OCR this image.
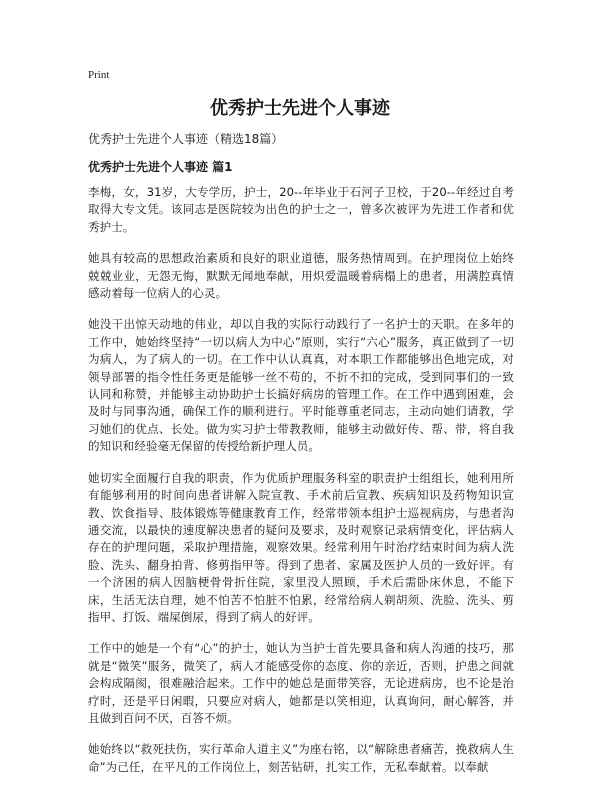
Print
优秀护士先进个人事迹
优秀护士先进个人事迹（精选18篇）
优秀护士先进个人事迹 篇1

李梅，女，31岁，大专学历，护士，20--年毕业于石河子卫校，于20--年经过自考取得大专文凭。该同志是医院较为出色的护士之一，曾多次被评为先进工作者和优秀护士。

她具有较高的思想政治素质和良好的职业道德，服务热情周到。在护理岗位上始终兢兢业业，无怨无悔，默默无闻地奉献，用炽爱温暖着病榻上的患者，用满腔真情感动着每一位病人的心灵。

她没干出惊天动地的伟业，却以自我的实际行动践行了一名护士的天职。在多年的工作中，她始终坚持“一切以病人为中心”原则，实行“六心”服务，真正做到了一切为病人，为了病人的一切。在工作中认认真真，对本职工作都能够出色地完成，对领导部署的指令性任务更是能够一丝不苟的，不折不扣的完成，受到同事们的一致认同和称赞，并能够主动协助护士长搞好病房的管理工作。在工作中遇到困难，会及时与同事沟通，确保工作的顺利进行。平时能尊重老同志，主动向她们请教，学习她们的优点、长处。做为实习护士带教教师，能够主动做好传、帮、带，将自我的知识和经验毫无保留的传授给新护理人员。

她切实全面履行自我的职责，作为优质护理服务科室的职责护士组组长，她利用所有能够利用的时间向患者讲解入院宣教、手术前后宣教、疾病知识及药物知识宣教、饮食指导、肢体锻炼等健康教育工作，经常带领本组护士巡视病房，与患者沟通交流，以最快的速度解决患者的疑问及要求，及时观察记录病情变化，评估病人存在的护理问题，采取护理措施，观察效果。经常利用午时治疗结束时间为病人洗脸、洗头、翻身拍背、修剪指甲等。得到了患者、家属及医护人员的一致好评。有一个济困的病人因脑梗骨骨折住院，家里没人照顾，手术后需卧床休息，不能下床，生活无法自理，她不怕苦不怕脏不怕累，经常给病人剃胡须、洗脸、洗头、剪指甲、打饭、端屎倒尿，得到了病人的好评。

工作中的她是一个有“心”的护士，她认为当护士首先要具备和病人沟通的技巧，那就是“微笑”服务，微笑了，病人才能感受你的态度、你的亲近，否则，护患之间就会构成隔阂，很难融洽起来。工作中的她总是面带笑容，无论进病房，也不论是治疗时，还是平日闲暇，只要应对病人，她都是以笑相迎，认真询问，耐心解答，并且做到百问不厌，百答不烦。

她始终以“救死扶伤，实行革命人道主义”为座右铭，以“解除患者痛苦，挽救病人生命”为己任，在平凡的工作岗位上，刻苦钻研，扎实工作，无私奉献着。以奉献
